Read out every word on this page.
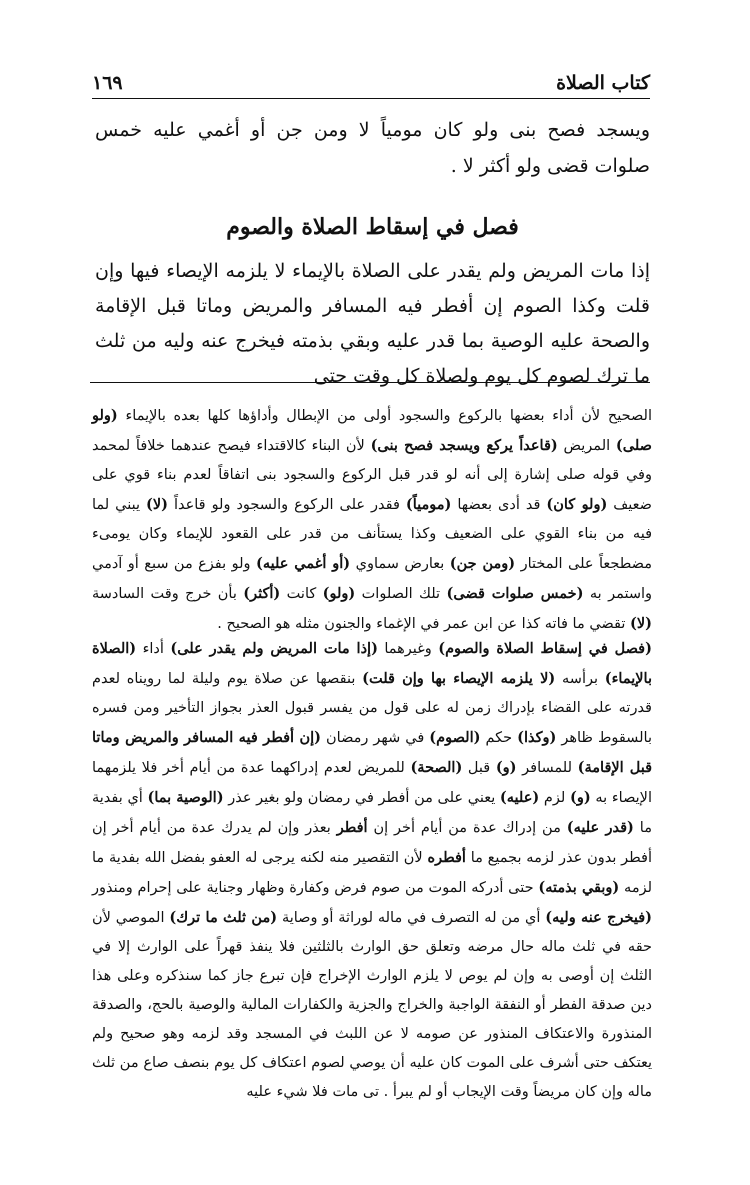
كتاب الصلاة
١٦٩

ويسجد فصح بنى ولو كان مومياً لا ومن جن أو أغمي عليه خمس صلوات قضى ولو أكثر لا .

فصل في إسقاط الصلاة والصوم

إذا مات المريض ولم يقدر على الصلاة بالإيماء لا يلزمه الإيصاء فيها وإن قلت وكذا الصوم إن أفطر فيه المسافر والمريض وماتا قبل الإقامة والصحة عليه الوصية بما قدر عليه وبقي بذمته فيخرج عنه وليه من ثلث ما ترك لصوم كل يوم ولصلاة كل وقت حتى

الصحيح لأن أداء بعضها بالركوع والسجود أولى من الإبطال وأداؤها كلها بعده بالإيماء (ولو صلى) المريض (قاعداً يركع ويسجد فصح بنى) لأن البناء كالاقتداء فيصح عندهما خلافاً لمحمد وفي قوله صلى إشارة إلى أنه لو قدر قبل الركوع والسجود بنى اتفاقاً لعدم بناء قوي على ضعيف (ولو كان) قد أدى بعضها (مومياً) فقدر على الركوع والسجود ولو قاعداً (لا) يبني لما فيه من بناء القوي على الضعيف وكذا يستأنف من قدر على القعود للإيماء وكان يومىء مضطجعاً على المختار (ومن جن) بعارض سماوي (أو أغمي عليه) ولو بفزع من سبع أو آدمي واستمر به (خمس صلوات قضى) تلك الصلوات (ولو) كانت (أكثر) بأن خرج وقت السادسة (لا) تقضي ما فاته كذا عن ابن عمر في الإغماء والجنون مثله هو الصحيح .

(فصل في إسقاط الصلاة والصوم) وغيرهما (إذا مات المريض ولم يقدر على) أداء (الصلاة بالإيماء) برأسه (لا يلزمه الإيصاء بها وإن قلت) بنقصها عن صلاة يوم وليلة لما رويناه لعدم قدرته على القضاء بإدراك زمن له على قول من يفسر قبول العذر بجواز التأخير ومن فسره بالسقوط ظاهر (وكذا) حكم (الصوم) في شهر رمضان (إن أفطر فيه المسافر والمريض وماتا قبل الإقامة) للمسافر (و) قبل (الصحة) للمريض لعدم إدراكهما عدة من أيام أخر فلا يلزمهما الإيصاء به (و) لزم (عليه) يعني على من أفطر في رمضان ولو بغير عذر (الوصية بما) أي بفدية ما (قدر عليه) من إدراك عدة من أيام أخر إن أفطر بعذر وإن لم يدرك عدة من أيام أخر إن أفطر بدون عذر لزمه بجميع ما أفطره لأن التقصير منه لكنه يرجى له العفو بفضل الله بفدية ما لزمه (وبقي بذمته) حتى أدركه الموت من صوم فرض وكفارة وظهار وجناية على إحرام ومنذور (فيخرج عنه وليه) أي من له التصرف في ماله لوراثة أو وصاية (من ثلث ما ترك) الموصي لأن حقه في ثلث ماله حال مرضه وتعلق حق الوارث بالثلثين فلا ينفذ قهراً على الوارث إلا في الثلث إن أوصى به وإن لم يوص لا يلزم الوارث الإخراج فإن تبرع جاز كما سنذكره وعلى هذا دين صدقة الفطر أو النفقة الواجبة والخراج والجزية والكفارات المالية والوصية بالحج، والصدقة المنذورة والاعتكاف المنذور عن صومه لا عن اللبث في المسجد وقد لزمه وهو صحيح ولم يعتكف حتى أشرف على الموت كان عليه أن يوصي لصوم اعتكاف كل يوم بنصف صاع من ثلث ماله وإن كان مريضاً وقت الإيجاب أو لم يبرأ . تى مات فلا شيء عليه
